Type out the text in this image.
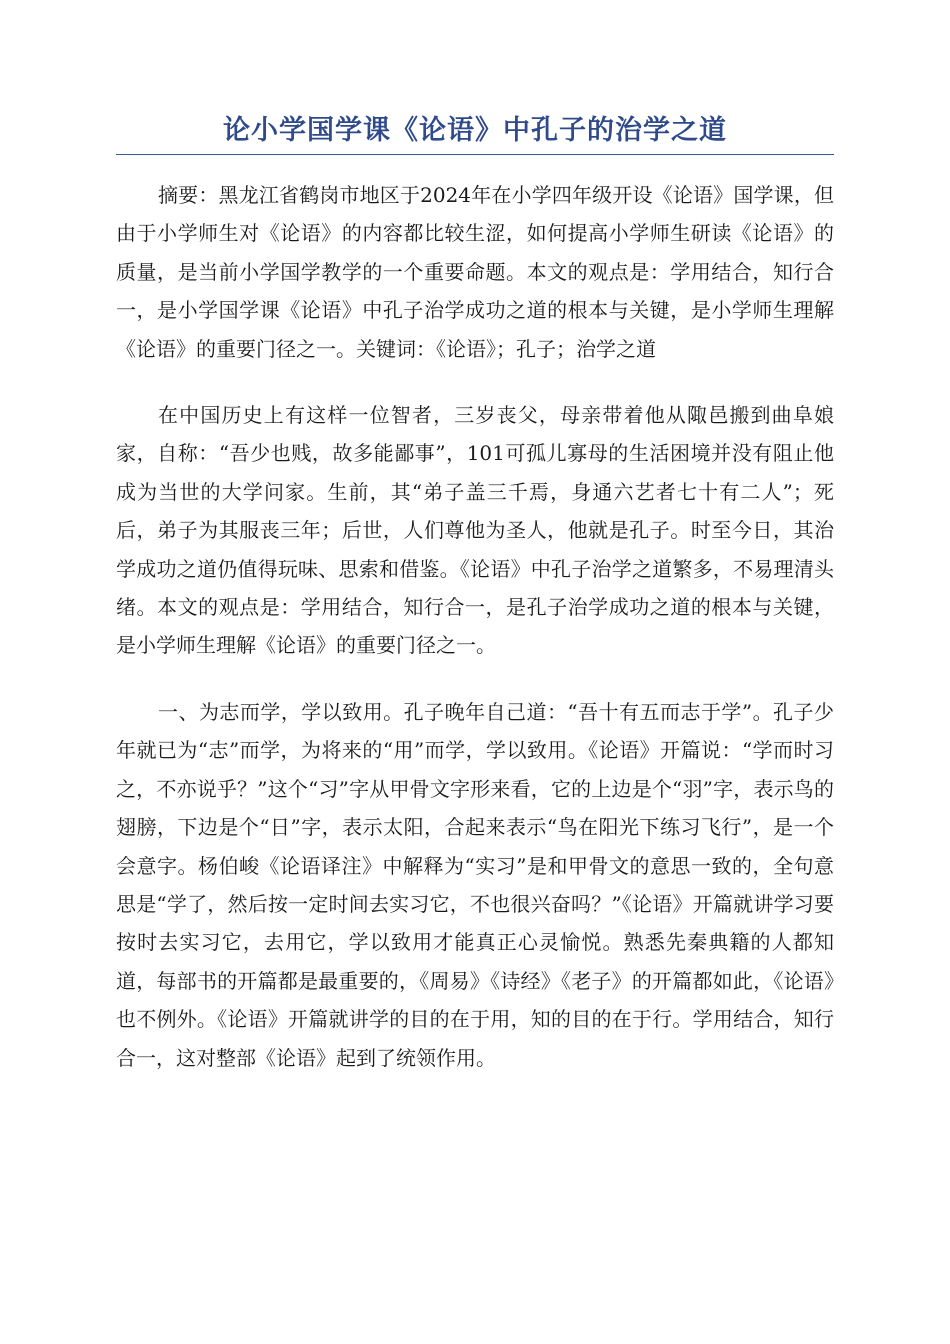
论小学国学课《论语》中孔子的治学之道

摘要：黑龙江省鹤岗市地区于2024年在小学四年级开设《论语》国学课，但由于小学师生对《论语》的内容都比较生涩，如何提高小学师生研读《论语》的质量，是当前小学国学教学的一个重要命题。本文的观点是：学用结合，知行合一，是小学国学课《论语》中孔子治学成功之道的根本与关键，是小学师生理解《论语》的重要门径之一。关键词：《论语》；孔子；治学之道

在中国历史上有这样一位智者，三岁丧父，母亲带着他从陬邑搬到曲阜娘家，自称：“吾少也贱，故多能鄙事”，101可孤儿寡母的生活困境并没有阻止他成为当世的大学问家。生前，其“弟子盖三千焉，身通六艺者七十有二人”；死后，弟子为其服丧三年；后世，人们尊他为圣人，他就是孔子。时至今日，其治学成功之道仍值得玩味、思索和借鉴。《论语》中孔子治学之道繁多，不易理清头绪。本文的观点是：学用结合，知行合一，是孔子治学成功之道的根本与关键，是小学师生理解《论语》的重要门径之一。

一、为志而学，学以致用。孔子晚年自己道：“吾十有五而志于学”。孔子少年就已为“志”而学，为将来的“用”而学，学以致用。《论语》开篇说：“学而时习之，不亦说乎？”这个“习”字从甲骨文字形来看，它的上边是个“羽”字，表示鸟的翅膀，下边是个“日”字，表示太阳，合起来表示“鸟在阳光下练习飞行”，是一个会意字。杨伯峻《论语译注》中解释为“实习”是和甲骨文的意思一致的，全句意思是“学了，然后按一定时间去实习它，不也很兴奋吗？”《论语》开篇就讲学习要按时去实习它，去用它，学以致用才能真正心灵愉悦。熟悉先秦典籍的人都知道，每部书的开篇都是最重要的，《周易》《诗经》《老子》的开篇都如此，《论语》也不例外。《论语》开篇就讲学的目的在于用，知的目的在于行。学用结合，知行合一，这对整部《论语》起到了统领作用。
